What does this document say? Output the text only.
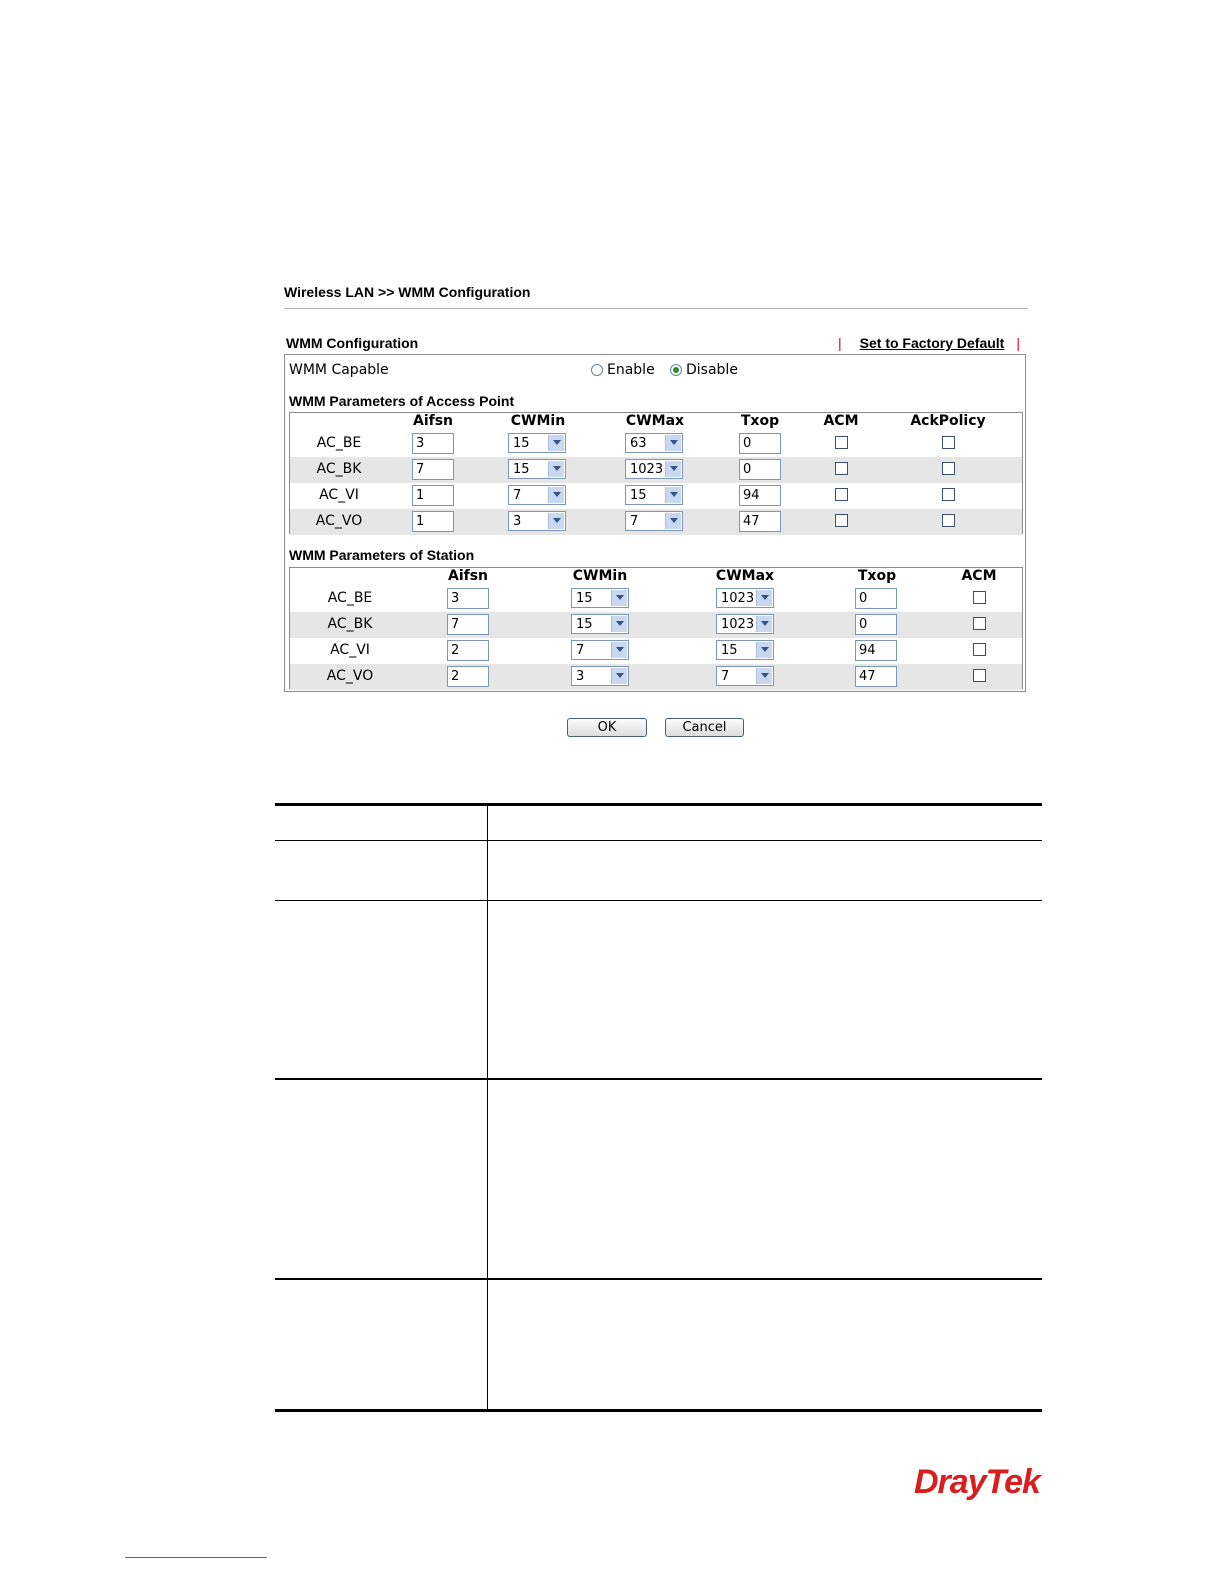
Wireless LAN >> WMM Configuration
WMM Configuration	| Set to Factory Default |
WMM Capable	Enable Disable
WMM Parameters of Access Point
Aifsn	CWMin	CWMax	Txop	ACM	AckPolicy
AC_BE	3	15	63	0
AC_BK	7	15	1023	0
AC_VI	1	7	15	94
AC_VO	1	3	7	47
WMM Parameters of Station
Aifsn	CWMin	CWMax	Txop	ACM
AC_BE	3	15	1023	0
AC_BK	7	15	1023	0
AC_VI	2	7	15	94
AC_VO	2	3	7	47
OK	Cancel
DrayTek
